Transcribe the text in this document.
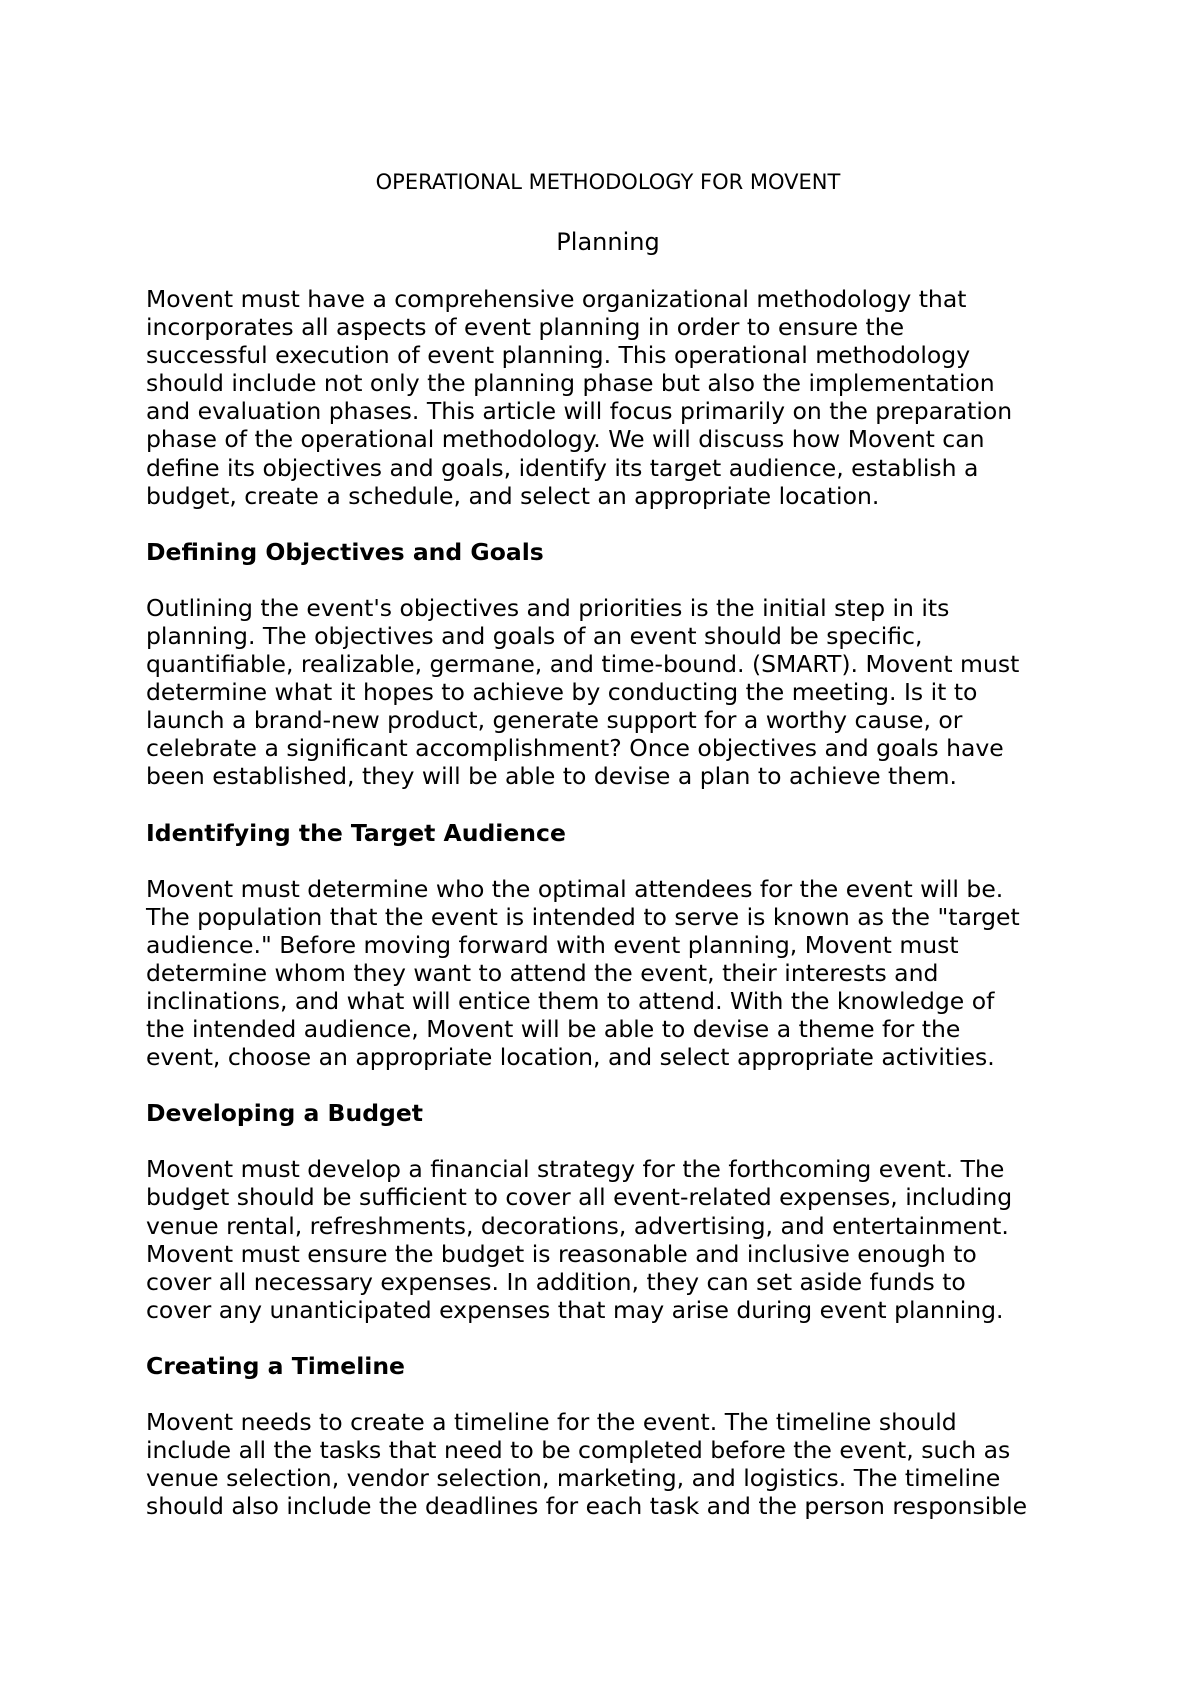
OPERATIONAL METHODOLOGY FOR MOVENT
Planning

Movent must have a comprehensive organizational methodology that
incorporates all aspects of event planning in order to ensure the
successful execution of event planning. This operational methodology
should include not only the planning phase but also the implementation
and evaluation phases. This article will focus primarily on the preparation
phase of the operational methodology. We will discuss how Movent can
define its objectives and goals, identify its target audience, establish a
budget, create a schedule, and select an appropriate location.

Defining Objectives and Goals

Outlining the event's objectives and priorities is the initial step in its
planning. The objectives and goals of an event should be specific,
quantifiable, realizable, germane, and time-bound. (SMART). Movent must
determine what it hopes to achieve by conducting the meeting. Is it to
launch a brand-new product, generate support for a worthy cause, or
celebrate a significant accomplishment? Once objectives and goals have
been established, they will be able to devise a plan to achieve them.

Identifying the Target Audience

Movent must determine who the optimal attendees for the event will be.
The population that the event is intended to serve is known as the "target
audience." Before moving forward with event planning, Movent must
determine whom they want to attend the event, their interests and
inclinations, and what will entice them to attend. With the knowledge of
the intended audience, Movent will be able to devise a theme for the
event, choose an appropriate location, and select appropriate activities.

Developing a Budget

Movent must develop a financial strategy for the forthcoming event. The
budget should be sufficient to cover all event-related expenses, including
venue rental, refreshments, decorations, advertising, and entertainment.
Movent must ensure the budget is reasonable and inclusive enough to
cover all necessary expenses. In addition, they can set aside funds to
cover any unanticipated expenses that may arise during event planning.

Creating a Timeline

Movent needs to create a timeline for the event. The timeline should
include all the tasks that need to be completed before the event, such as
venue selection, vendor selection, marketing, and logistics. The timeline
should also include the deadlines for each task and the person responsible
